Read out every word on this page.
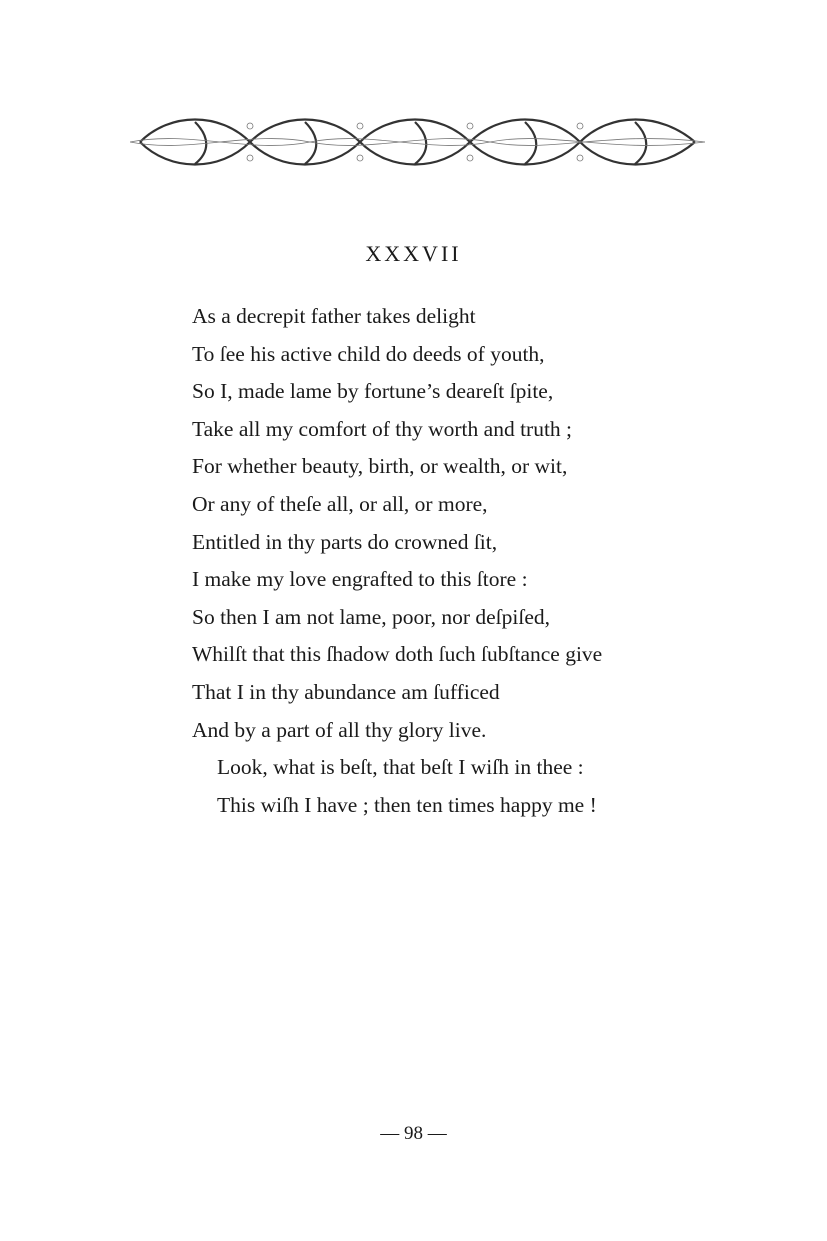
XXXVII
As a decrepit father takes delight
To ſee his active child do deeds of youth,
So I, made lame by fortune’s deareſt ſpite,
Take all my comfort of thy worth and truth ;
For whether beauty, birth, or wealth, or wit,
Or any of theſe all, or all, or more,
Entitled in thy parts do crowned ſit,
I make my love engrafted to this ſtore :
So then I am not lame, poor, nor deſpiſed,
Whilſt that this ſhadow doth ſuch ſubſtance give
That I in thy abundance am ſufficed
And by a part of all thy glory live.
Look, what is beſt, that beſt I wiſh in thee :
This wiſh I have ; then ten times happy me !
— 98 —
